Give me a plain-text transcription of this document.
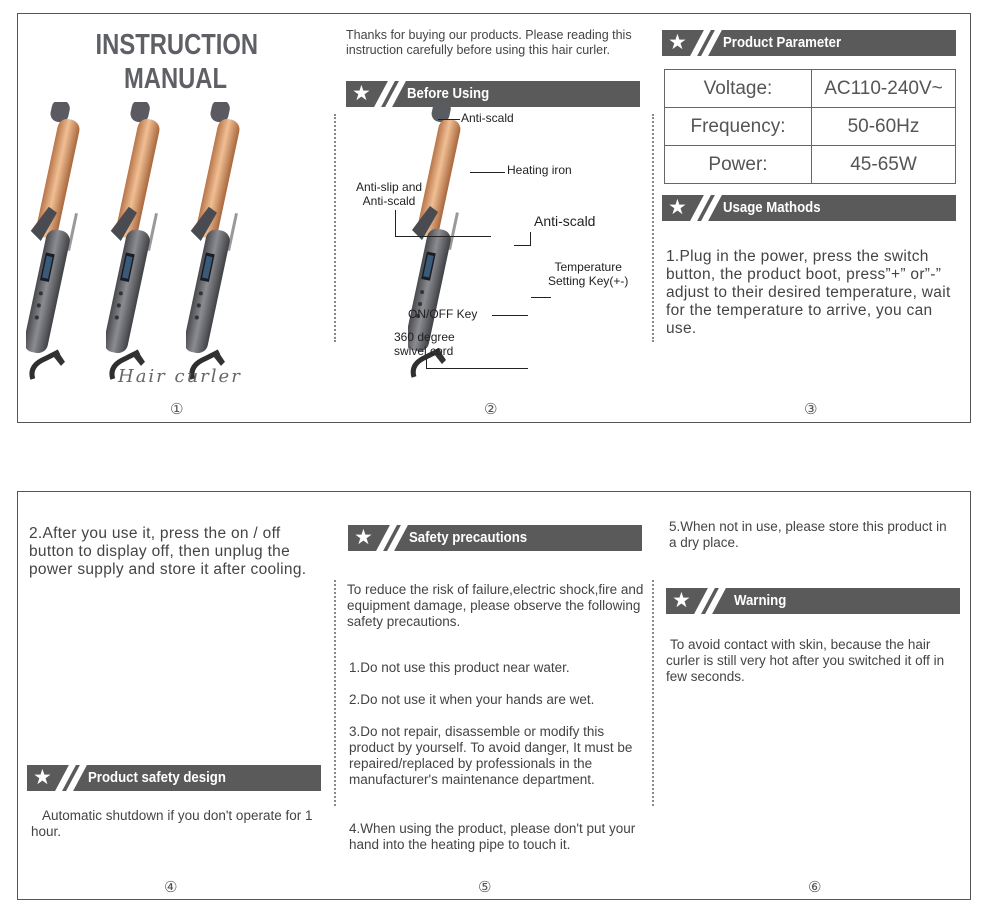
INSTRUCTION
MANUAL
Hair curler
①
Thanks for buying our products. Please reading this instruction carefully before using this hair curler.
★ Before Using
Anti-scald
Heating iron
Anti-slip and
Anti-scald
Anti-scald
Temperature
Setting Key(+-)
ON/OFF Key
360 degree
swivel cord
②
★ Product Parameter
Voltage:	AC110-240V~
Frequency:	50-60Hz
Power:	45-65W
★ Usage Mathods
1.Plug in the power, press the switch button, the product boot, press”+” or”-” adjust to their desired temperature, wait for the temperature to arrive, you can use.
③
2.After you use it, press the on / off button to display off, then unplug the power supply and store it after cooling.
★ Product safety design
Automatic shutdown if you don't operate for 1 hour.
④
★ Safety precautions
To reduce the risk of failure,electric shock,fire and equipment damage, please observe the following safety precautions.
1.Do not use this product near water.
2.Do not use it when your hands are wet.
3.Do not repair, disassemble or modify this product by yourself. To avoid danger, It must be repaired/replaced by professionals in the manufacturer's maintenance department.
4.When using the product, please don't put your hand into the heating pipe to touch it.
⑤
5.When not in use, please store this product in a dry place.
★	Warning
To avoid contact with skin, because the hair curler is still very hot after you switched it off in few seconds.
⑥
